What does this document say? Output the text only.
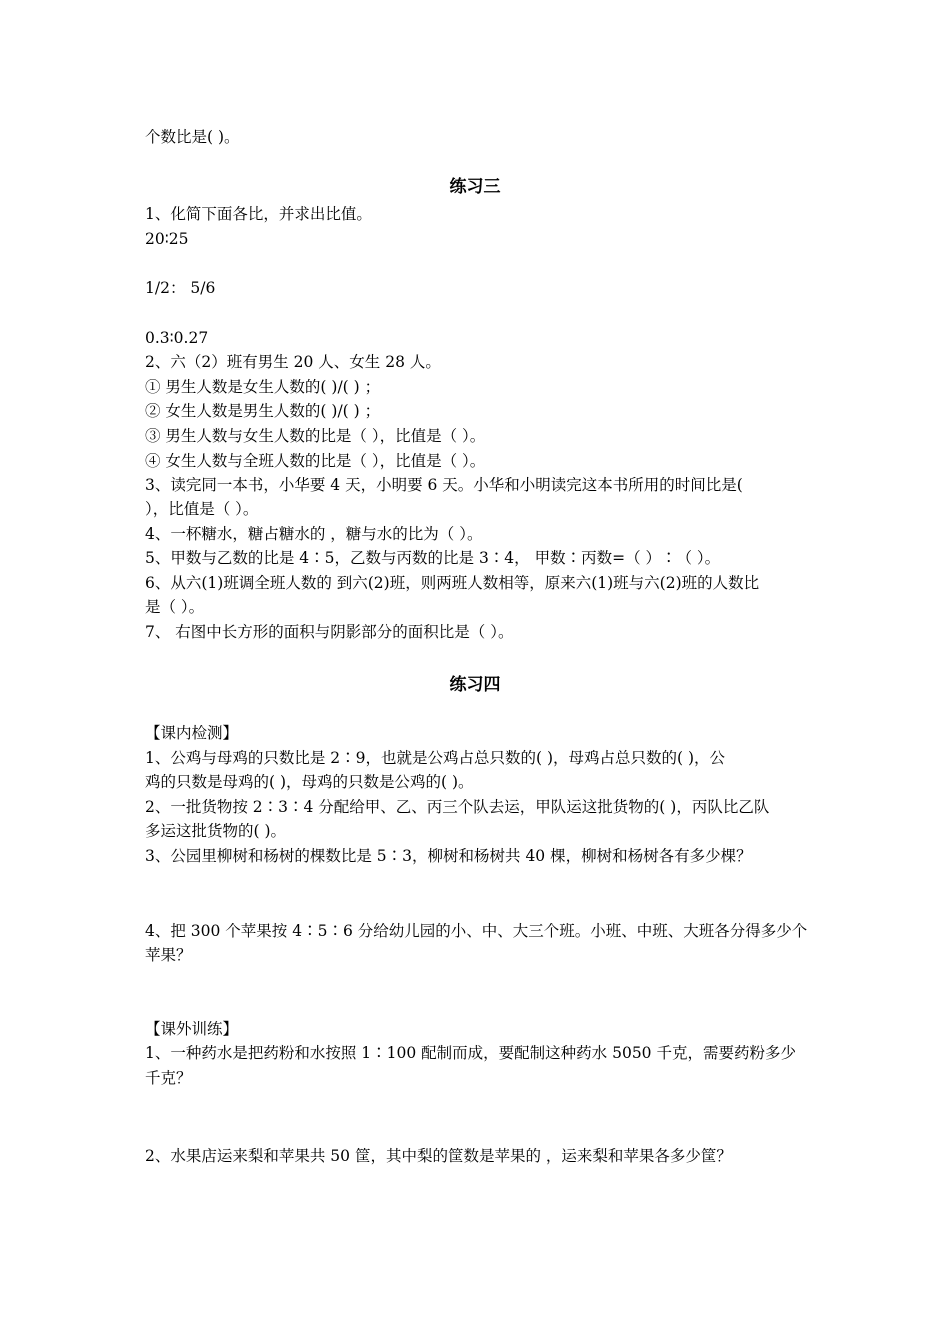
个数比是( )。
练习三
1、化简下面各比，并求出比值。
20∶25
1/2： 5/6
0.3∶0.27
2、六（2）班有男生 20 人、女生 28 人。
① 男生人数是女生人数的( )/( ) ；
② 女生人数是男生人数的( )/( ) ；
③ 男生人数与女生人数的比是（ ），比值是（ ）。
④ 女生人数与全班人数的比是（ ），比值是（ ）。
3、读完同一本书，小华要 4 天，小明要 6 天。小华和小明读完这本书所用的时间比是(
），比值是（ ）。
4、一杯糖水，糖占糖水的 ，糖与水的比为（ ）。
5、甲数与乙数的比是 4∶5，乙数与丙数的比是 3∶4， 甲数∶丙数=（ ）∶（ ）。
6、从六(1)班调全班人数的 到六(2)班，则两班人数相等，原来六(1)班与六(2)班的人数比
是（ ）。
7、 右图中长方形的面积与阴影部分的面积比是（ ）。
练习四
【课内检测】
1、公鸡与母鸡的只数比是 2∶9，也就是公鸡占总只数的( )，母鸡占总只数的( )，公
鸡的只数是母鸡的( )，母鸡的只数是公鸡的( )。
2、一批货物按 2∶3∶4 分配给甲、乙、丙三个队去运，甲队运这批货物的( )，丙队比乙队
多运这批货物的( )。
3、公园里柳树和杨树的棵数比是 5∶3，柳树和杨树共 40 棵，柳树和杨树各有多少棵？
4、把 300 个苹果按 4∶5∶6 分给幼儿园的小、中、大三个班。小班、中班、大班各分得多少个
苹果？
【课外训练】
1、一种药水是把药粉和水按照 1∶100 配制而成，要配制这种药水 5050 千克，需要药粉多少
千克？
2、水果店运来梨和苹果共 50 筐，其中梨的筐数是苹果的 ，运来梨和苹果各多少筐？
